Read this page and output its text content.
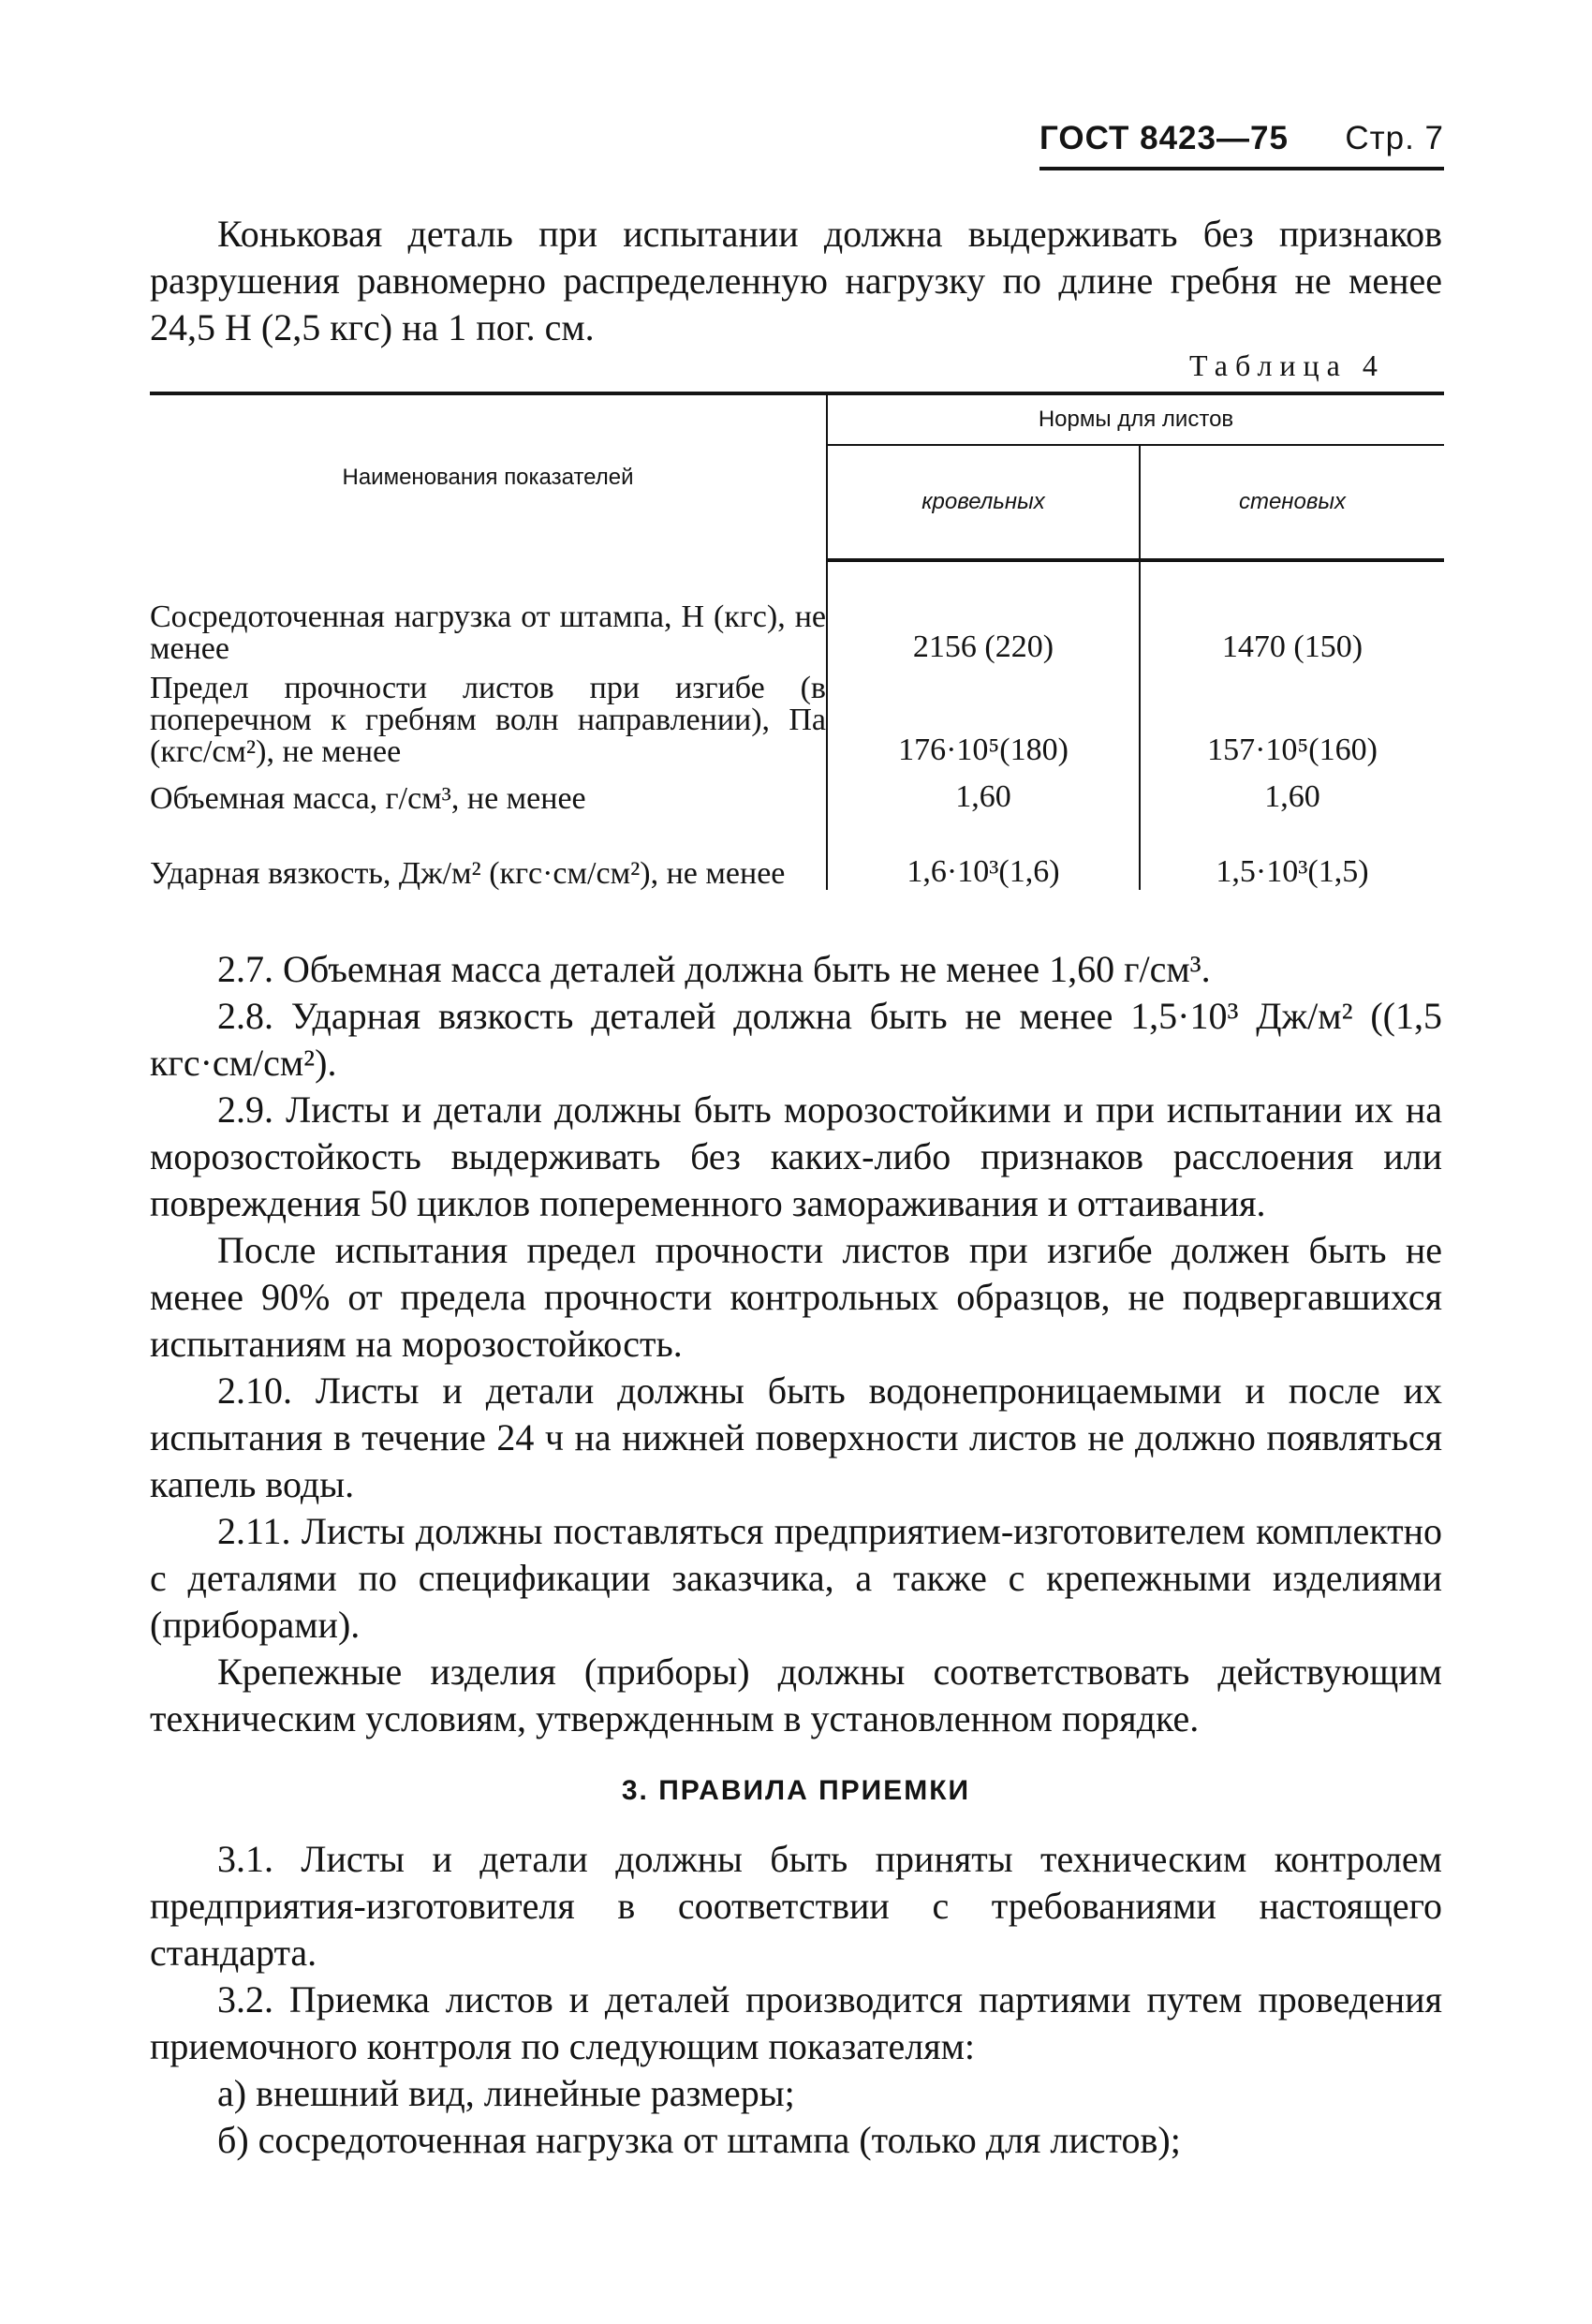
ГОСТ 8423—75 Стр. 7

Коньковая деталь при испытании должна выдерживать без признаков разрушения равномерно распределенную нагрузку по длине гребня не менее 24,5 Н (2,5 кгс) на 1 пог. см.

Таблица 4
Наименования показателей	Нормы для листов	
	кровельных	стеновых
Сосредоточенная нагрузка от штампа, Н (кгс), не менее	2156 (220)	1470 (150)
Предел прочности листов при изгибе (в поперечном к гребням волн направлении), Па (кгс/см²), не менее	176·10⁵(180)	157·10⁵(160)
Объемная масса, г/см³, не менее	1,60	1,60
Ударная вязкость, Дж/м² (кгс·см/см²), не менее	1,6·10³(1,6)	1,5·10³(1,5)

2.7. Объемная масса деталей должна быть не менее 1,60 г/см³.

2.8. Ударная вязкость деталей должна быть не менее 1,5·10³ Дж/м² ((1,5 кгс·см/см²).

2.9. Листы и детали должны быть морозостойкими и при испытании их на морозостойкость выдерживать без каких-либо признаков расслоения или повреждения 50 циклов попеременного замораживания и оттаивания.

После испытания предел прочности листов при изгибе должен быть не менее 90% от предела прочности контрольных образцов, не подвергавшихся испытаниям на морозостойкость.

2.10. Листы и детали должны быть водонепроницаемыми и после их испытания в течение 24 ч на нижней поверхности листов не должно появляться капель воды.

2.11. Листы должны поставляться предприятием-изготовителем комплектно с деталями по спецификации заказчика, а также с крепежными изделиями (приборами).

Крепежные изделия (приборы) должны соответствовать действующим техническим условиям, утвержденным в установленном порядке.

3. ПРАВИЛА ПРИЕМКИ

3.1. Листы и детали должны быть приняты техническим контролем предприятия-изготовителя в соответствии с требованиями настоящего стандарта.

3.2. Приемка листов и деталей производится партиями путем проведения приемочного контроля по следующим показателям:

а) внешний вид, линейные размеры;

б) сосредоточенная нагрузка от штампа (только для листов);
